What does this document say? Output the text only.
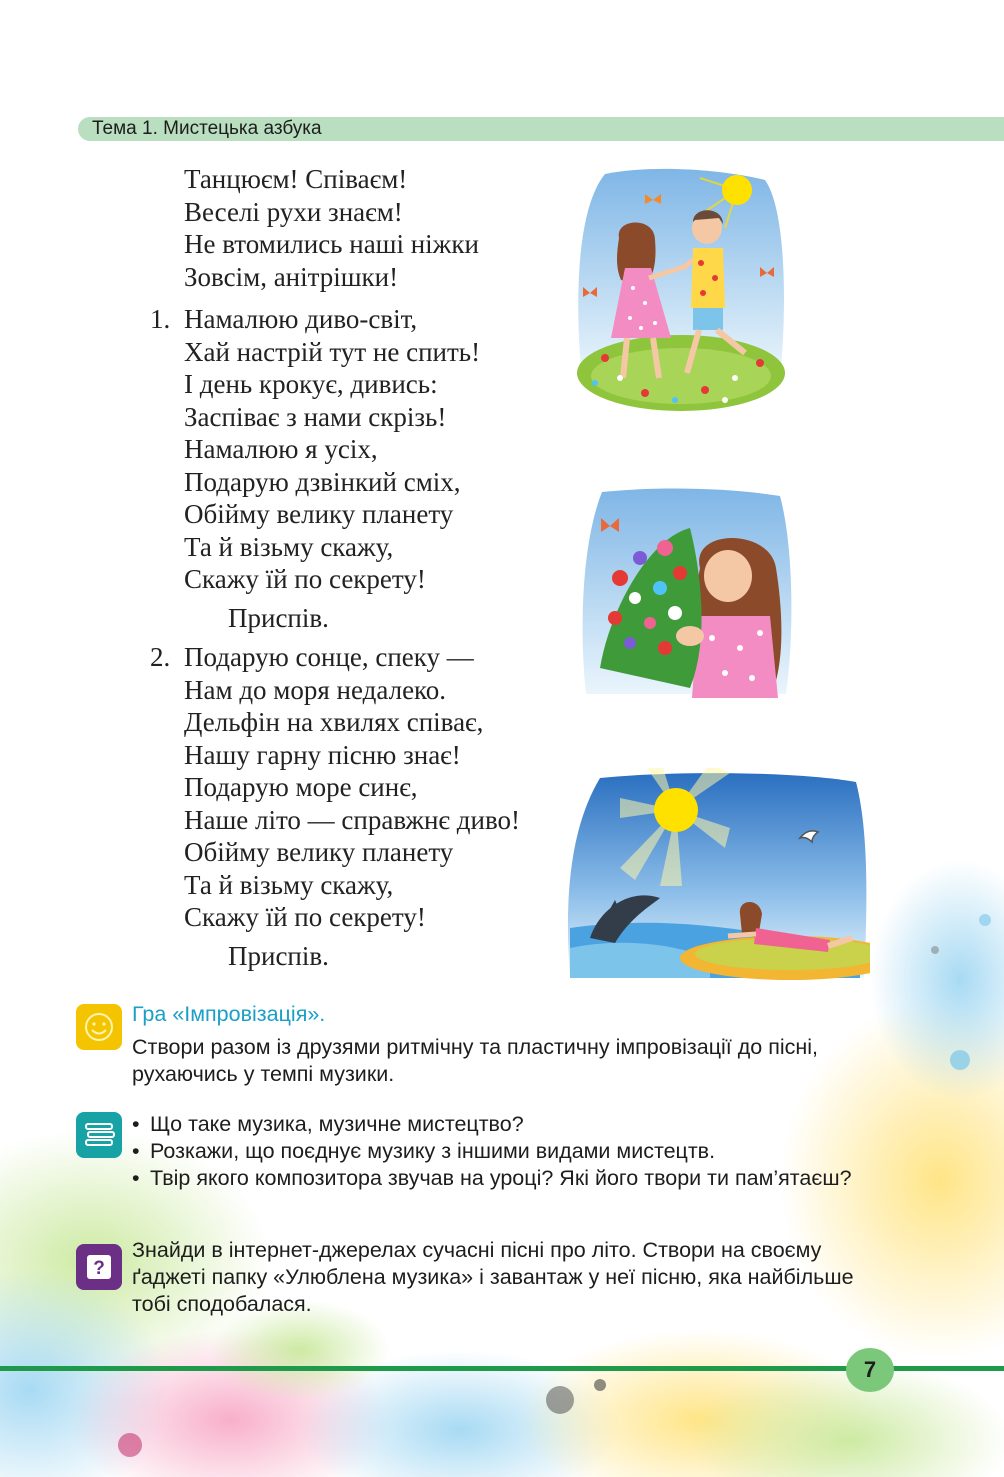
Тема 1. Мистецька азбука
Танцюєм! Співаєм!
Веселі рухи знаєм!
Не втомились наші ніжки
Зовсім, анітрішки!
1. Намалюю диво-світ,
Хай настрій тут не спить!
І день крокує, дивись:
Заспіває з нами скрізь!
Намалюю я усіх,
Подарую дзвінкий сміх,
Обійму велику планету
Та й візьму скажу,
Скажу їй по секрету!
Приспів.
2. Подарую сонце, спеку —
Нам до моря недалеко.
Дельфін на хвилях співає,
Нашу гарну пісню знає!
Подарую море синє,
Наше літо — справжнє диво!
Обійму велику планету
Та й візьму скажу,
Скажу їй по секрету!
Приспів.
Гра «Імпровізація».
Створи разом із друзями ритмічну та пластичну імпровізації до пісні, рухаючись у темпі музики.
• Що таке музика, музичне мистецтво?
• Розкажи, що поєднує музику з іншими видами мистецтв.
• Твір якого композитора звучав на уроці? Які його твори ти пам’ятаєш?
?
Знайди в інтернет-джерелах сучасні пісні про літо. Створи на своєму ґаджеті папку «Улюблена музика» і завантаж у неї пісню, яка найбільше тобі сподобалася.
7
